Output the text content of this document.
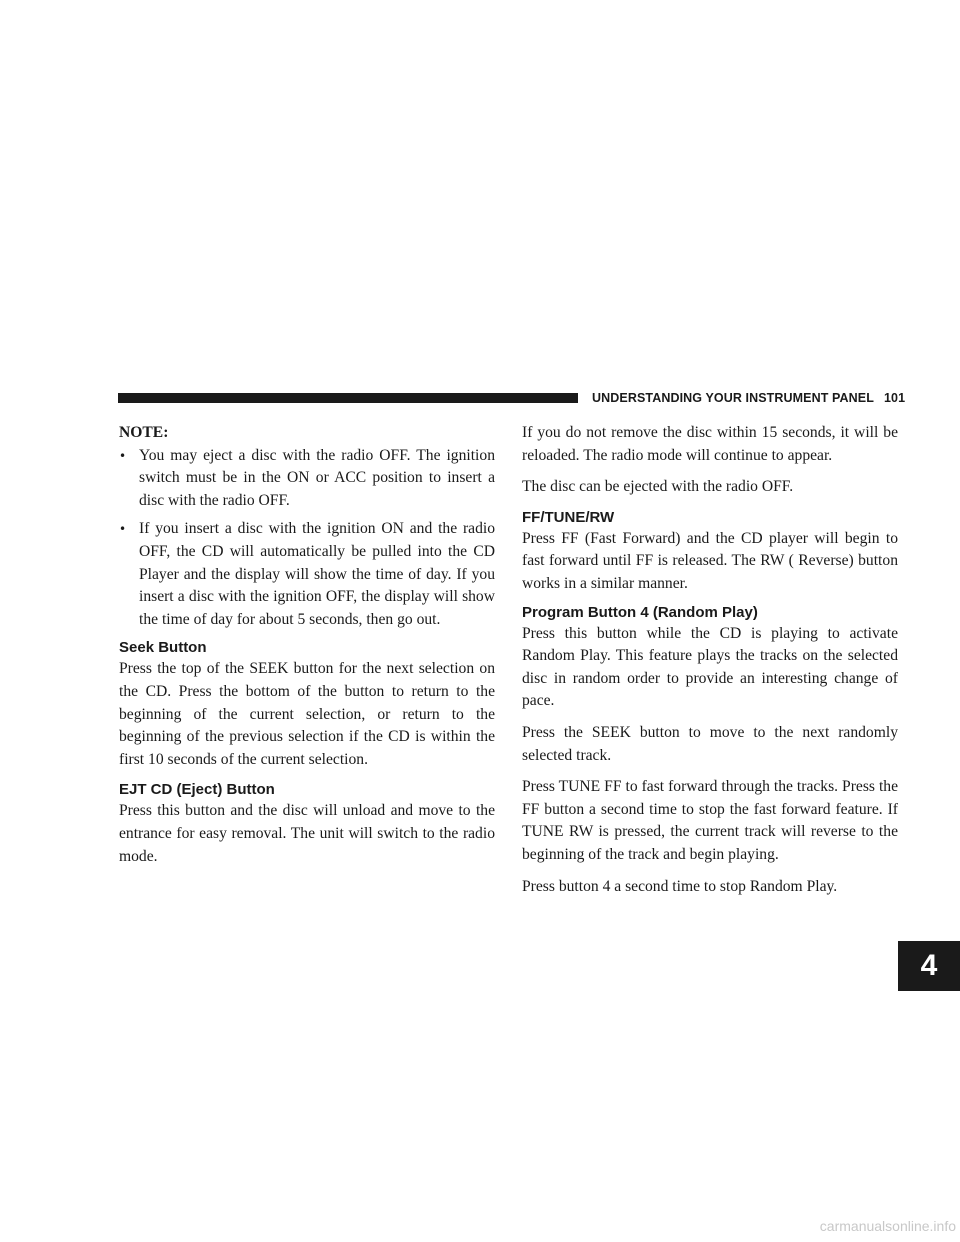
UNDERSTANDING YOUR INSTRUMENT PANEL 101

NOTE:

• You may eject a disc with the radio OFF. The ignition switch must be in the ON or ACC position to insert a disc with the radio OFF.
• If you insert a disc with the ignition ON and the radio OFF, the CD will automatically be pulled into the CD Player and the display will show the time of day. If you insert a disc with the ignition OFF, the display will show the time of day for about 5 seconds, then go out.
Seek Button

Press the top of the SEEK button for the next selection on the CD. Press the bottom of the button to return to the beginning of the current selection, or return to the beginning of the previous selection if the CD is within the first 10 seconds of the current selection.

EJT CD (Eject) Button

Press this button and the disc will unload and move to the entrance for easy removal. The unit will switch to the radio mode.

If you do not remove the disc within 15 seconds, it will be reloaded. The radio mode will continue to appear.

The disc can be ejected with the radio OFF.

FF/TUNE/RW

Press FF (Fast Forward) and the CD player will begin to fast forward until FF is released. The RW ( Reverse) button works in a similar manner.

Program Button 4 (Random Play)

Press this button while the CD is playing to activate Random Play. This feature plays the tracks on the selected disc in random order to provide an interesting change of pace.

Press the SEEK button to move to the next randomly selected track.

Press TUNE FF to fast forward through the tracks. Press the FF button a second time to stop the fast forward feature. If TUNE RW is pressed, the current track will reverse to the beginning of the track and begin playing.

Press button 4 a second time to stop Random Play.

4
carmanualsonline.info
